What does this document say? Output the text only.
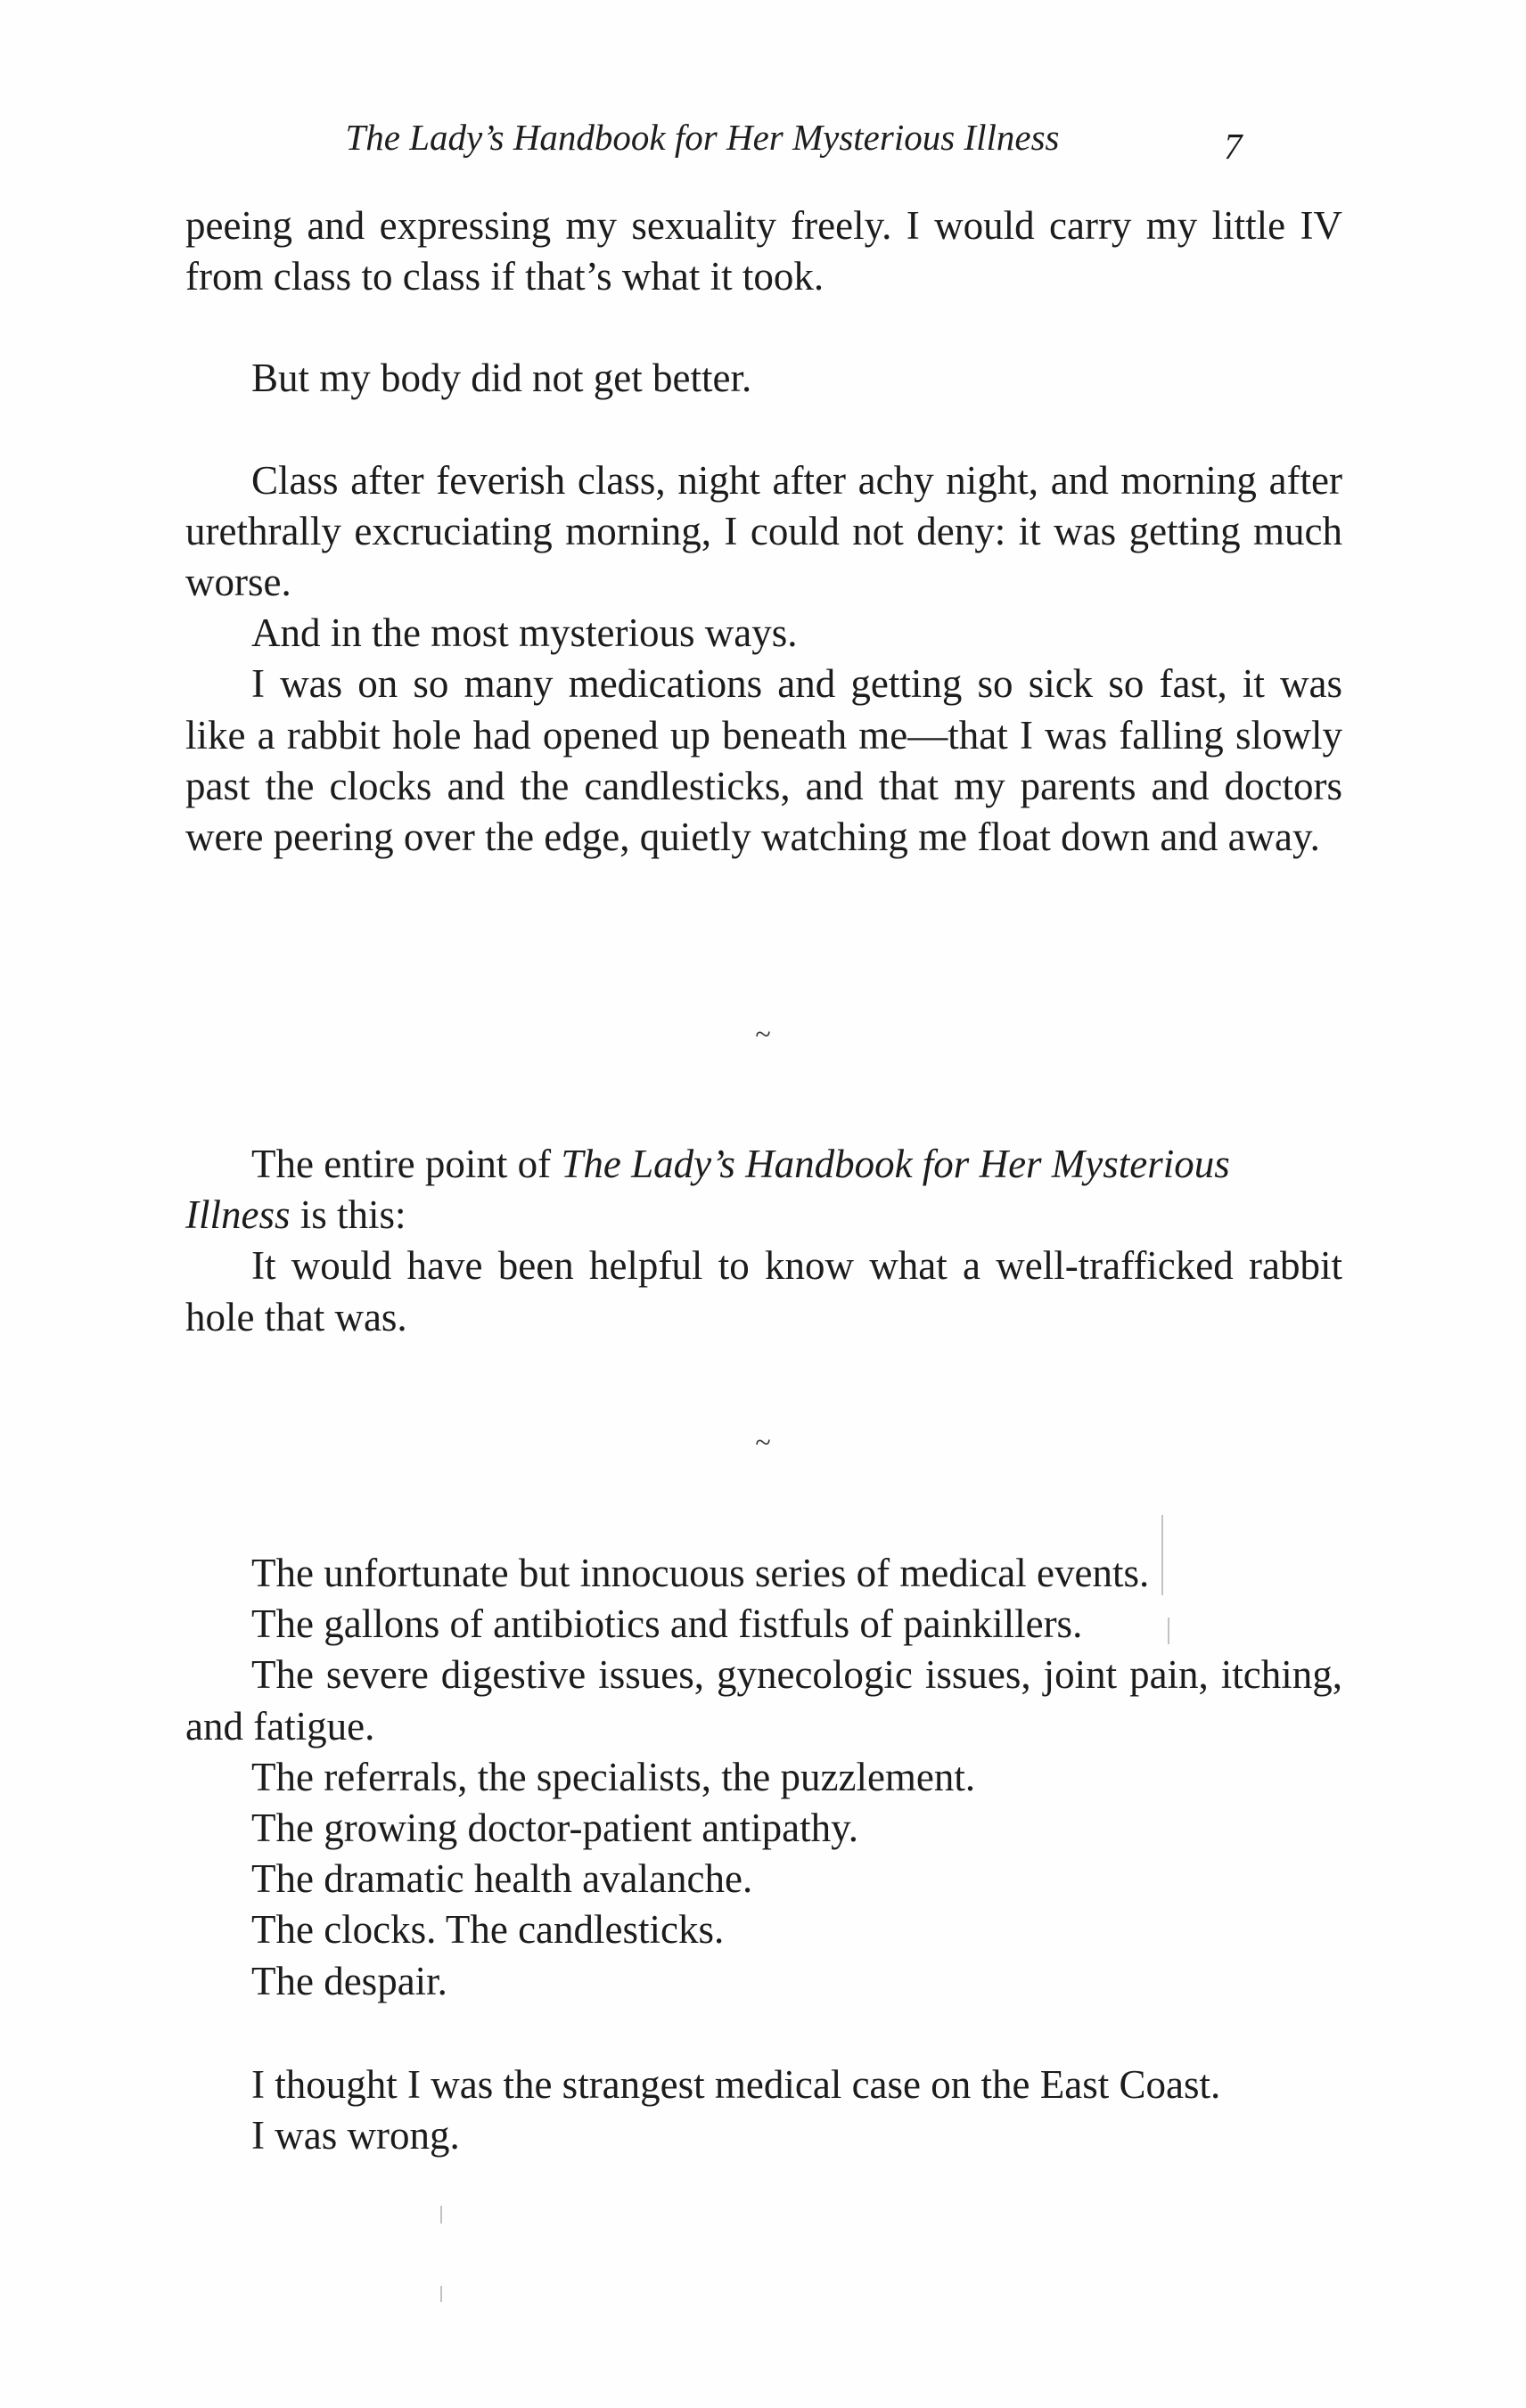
The Lady’s Handbook for Her Mysterious Illness	7

peeing and expressing my sexuality freely. I would carry my little IV from class to class if that’s what it took.

But my body did not get better.

Class after feverish class, night after achy night, and morning after urethrally excruciating morning, I could not deny: it was getting much worse.

And in the most mysterious ways.

I was on so many medications and getting so sick so fast, it was like a rabbit hole had opened up beneath me—that I was falling slowly past the clocks and the candlesticks, and that my parents and doctors were peering over the edge, quietly watching me float down and away.

~

The entire point of The Lady’s Handbook for Her Mysterious Illness is this:

It would have been helpful to know what a well-trafficked rabbit hole that was.

~

The unfortunate but innocuous series of medical events.

The gallons of antibiotics and fistfuls of painkillers.

The severe digestive issues, gynecologic issues, joint pain, itching, and fatigue.

The referrals, the specialists, the puzzlement.

The growing doctor-patient antipathy.

The dramatic health avalanche.

The clocks. The candlesticks.

The despair.

I thought I was the strangest medical case on the East Coast.

I was wrong.
